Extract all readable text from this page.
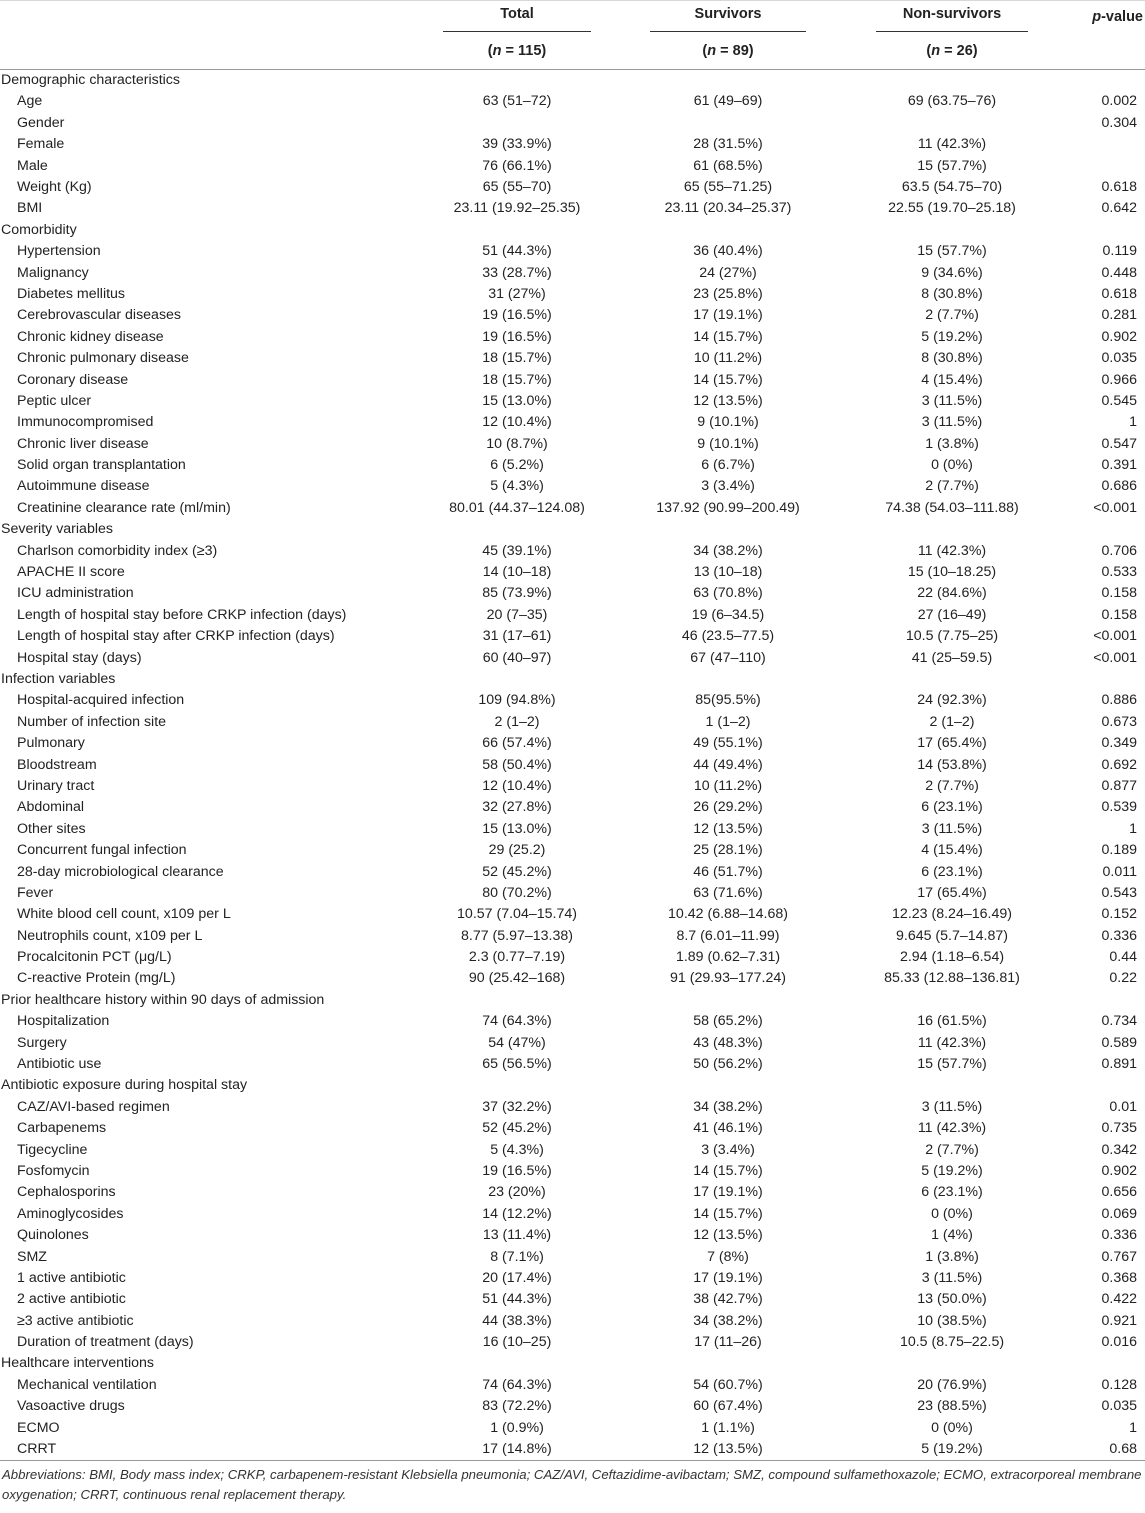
	Total	Survivors	Non-survivors	p-value
	(n = 115)	(n = 89)	(n = 26)	
Demographic characteristics				
Age	63 (51–72)	61 (49–69)	69 (63.75–76)	0.002
Gender				0.304
Female	39 (33.9%)	28 (31.5%)	11 (42.3%)	
Male	76 (66.1%)	61 (68.5%)	15 (57.7%)	
Weight (Kg)	65 (55–70)	65 (55–71.25)	63.5 (54.75–70)	0.618
BMI	23.11 (19.92–25.35)	23.11 (20.34–25.37)	22.55 (19.70–25.18)	0.642
Comorbidity				
Hypertension	51 (44.3%)	36 (40.4%)	15 (57.7%)	0.119
Malignancy	33 (28.7%)	24 (27%)	9 (34.6%)	0.448
Diabetes mellitus	31 (27%)	23 (25.8%)	8 (30.8%)	0.618
Cerebrovascular diseases	19 (16.5%)	17 (19.1%)	2 (7.7%)	0.281
Chronic kidney disease	19 (16.5%)	14 (15.7%)	5 (19.2%)	0.902
Chronic pulmonary disease	18 (15.7%)	10 (11.2%)	8 (30.8%)	0.035
Coronary disease	18 (15.7%)	14 (15.7%)	4 (15.4%)	0.966
Peptic ulcer	15 (13.0%)	12 (13.5%)	3 (11.5%)	0.545
Immunocompromised	12 (10.4%)	9 (10.1%)	3 (11.5%)	1
Chronic liver disease	10 (8.7%)	9 (10.1%)	1 (3.8%)	0.547
Solid organ transplantation	6 (5.2%)	6 (6.7%)	0 (0%)	0.391
Autoimmune disease	5 (4.3%)	3 (3.4%)	2 (7.7%)	0.686
Creatinine clearance rate (ml/min)	80.01 (44.37–124.08)	137.92 (90.99–200.49)	74.38 (54.03–111.88)	<0.001
Severity variables				
Charlson comorbidity index (≥3)	45 (39.1%)	34 (38.2%)	11 (42.3%)	0.706
APACHE II score	14 (10–18)	13 (10–18)	15 (10–18.25)	0.533
ICU administration	85 (73.9%)	63 (70.8%)	22 (84.6%)	0.158
Length of hospital stay before CRKP infection (days)	20 (7–35)	19 (6–34.5)	27 (16–49)	0.158
Length of hospital stay after CRKP infection (days)	31 (17–61)	46 (23.5–77.5)	10.5 (7.75–25)	<0.001
Hospital stay (days)	60 (40–97)	67 (47–110)	41 (25–59.5)	<0.001
Infection variables				
Hospital-acquired infection	109 (94.8%)	85(95.5%)	24 (92.3%)	0.886
Number of infection site	2 (1–2)	1 (1–2)	2 (1–2)	0.673
Pulmonary	66 (57.4%)	49 (55.1%)	17 (65.4%)	0.349
Bloodstream	58 (50.4%)	44 (49.4%)	14 (53.8%)	0.692
Urinary tract	12 (10.4%)	10 (11.2%)	2 (7.7%)	0.877
Abdominal	32 (27.8%)	26 (29.2%)	6 (23.1%)	0.539
Other sites	15 (13.0%)	12 (13.5%)	3 (11.5%)	1
Concurrent fungal infection	29 (25.2)	25 (28.1%)	4 (15.4%)	0.189
28-day microbiological clearance	52 (45.2%)	46 (51.7%)	6 (23.1%)	0.011
Fever	80 (70.2%)	63 (71.6%)	17 (65.4%)	0.543
White blood cell count, x109 per L	10.57 (7.04–15.74)	10.42 (6.88–14.68)	12.23 (8.24–16.49)	0.152
Neutrophils count, x109 per L	8.77 (5.97–13.38)	8.7 (6.01–11.99)	9.645 (5.7–14.87)	0.336
Procalcitonin PCT (μg/L)	2.3 (0.77–7.19)	1.89 (0.62–7.31)	2.94 (1.18–6.54)	0.44
C-reactive Protein (mg/L)	90 (25.42–168)	91 (29.93–177.24)	85.33 (12.88–136.81)	0.22
Prior healthcare history within 90 days of admission				
Hospitalization	74 (64.3%)	58 (65.2%)	16 (61.5%)	0.734
Surgery	54 (47%)	43 (48.3%)	11 (42.3%)	0.589
Antibiotic use	65 (56.5%)	50 (56.2%)	15 (57.7%)	0.891
Antibiotic exposure during hospital stay				
CAZ/AVI-based regimen	37 (32.2%)	34 (38.2%)	3 (11.5%)	0.01
Carbapenems	52 (45.2%)	41 (46.1%)	11 (42.3%)	0.735
Tigecycline	5 (4.3%)	3 (3.4%)	2 (7.7%)	0.342
Fosfomycin	19 (16.5%)	14 (15.7%)	5 (19.2%)	0.902
Cephalosporins	23 (20%)	17 (19.1%)	6 (23.1%)	0.656
Aminoglycosides	14 (12.2%)	14 (15.7%)	0 (0%)	0.069
Quinolones	13 (11.4%)	12 (13.5%)	1 (4%)	0.336
SMZ	8 (7.1%)	7 (8%)	1 (3.8%)	0.767
1 active antibiotic	20 (17.4%)	17 (19.1%)	3 (11.5%)	0.368
2 active antibiotic	51 (44.3%)	38 (42.7%)	13 (50.0%)	0.422
≥3 active antibiotic	44 (38.3%)	34 (38.2%)	10 (38.5%)	0.921
Duration of treatment (days)	16 (10–25)	17 (11–26)	10.5 (8.75–22.5)	0.016
Healthcare interventions				
Mechanical ventilation	74 (64.3%)	54 (60.7%)	20 (76.9%)	0.128
Vasoactive drugs	83 (72.2%)	60 (67.4%)	23 (88.5%)	0.035
ECMO	1 (0.9%)	1 (1.1%)	0 (0%)	1
CRRT	17 (14.8%)	12 (13.5%)	5 (19.2%)	0.68
Abbreviations: BMI, Body mass index; CRKP, carbapenem-resistant Klebsiella pneumonia; CAZ/AVI, Ceftazidime-avibactam; SMZ, compound sulfamethoxazole; ECMO, extracorporeal membrane oxygenation; CRRT, continuous renal replacement therapy.
